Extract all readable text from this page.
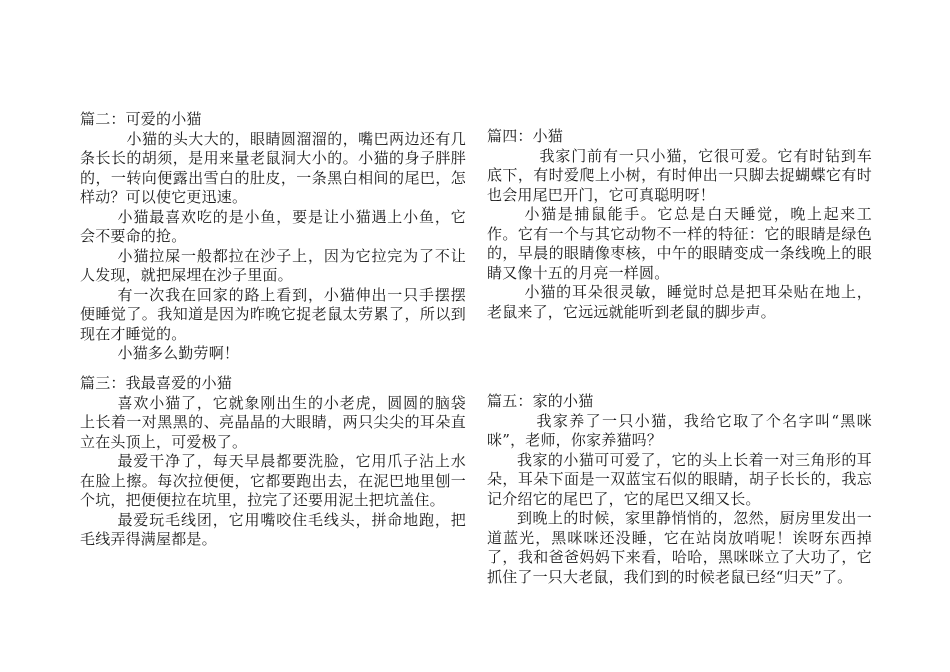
篇二：可爱的小猫

小猫的头大大的，眼睛圆溜溜的，嘴巴两边还有几条长长的胡须，是用来量老鼠洞大小的。小猫的身子胖胖的，一转向便露出雪白的肚皮，一条黑白相间的尾巴，怎样动？可以使它更迅速。

小猫最喜欢吃的是小鱼，要是让小猫遇上小鱼，它会不要命的抢。

小猫拉屎一般都拉在沙子上，因为它拉完为了不让人发现，就把屎埋在沙子里面。

有一次我在回家的路上看到，小猫伸出一只手摆摆便睡觉了。我知道是因为昨晚它捉老鼠太劳累了，所以到现在才睡觉的。

小猫多么勤劳啊！

篇三：我最喜爱的小猫

喜欢小猫了，它就象刚出生的小老虎，圆圆的脑袋上长着一对黑黑的、亮晶晶的大眼睛，两只尖尖的耳朵直立在头顶上，可爱极了。

最爱干净了，每天早晨都要洗脸，它用爪子沾上水在脸上擦。每次拉便便，它都要跑出去，在泥巴地里刨一个坑，把便便拉在坑里，拉完了还要用泥土把坑盖住。

最爱玩毛线团，它用嘴咬住毛线头，拼命地跑，把毛线弄得满屋都是。

篇四：小猫

我家门前有一只小猫，它很可爱。它有时钻到车底下，有时爱爬上小树，有时伸出一只脚去捉蝴蝶它有时也会用尾巴开门，它可真聪明呀！

小猫是捕鼠能手。它总是白天睡觉，晚上起来工作。它有一个与其它动物不一样的特征：它的眼睛是绿色的，早晨的眼睛像枣核，中午的眼睛变成一条线晚上的眼睛又像十五的月亮一样圆。

小猫的耳朵很灵敏，睡觉时总是把耳朵贴在地上，老鼠来了，它远远就能听到老鼠的脚步声。

篇五：家的小猫

我家养了一只小猫，我给它取了个名字叫“黑咪咪”，老师，你家养猫吗？

我家的小猫可可爱了，它的头上长着一对三角形的耳朵，耳朵下面是一双蓝宝石似的眼睛，胡子长长的，我忘记介绍它的尾巴了，它的尾巴又细又长。

到晚上的时候，家里静悄悄的，忽然，厨房里发出一道蓝光，黑咪咪还没睡，它在站岗放哨呢！诶呀东西掉了，我和爸爸妈妈下来看，哈哈，黑咪咪立了大功了，它抓住了一只大老鼠，我们到的时候老鼠已经“归天”了。
